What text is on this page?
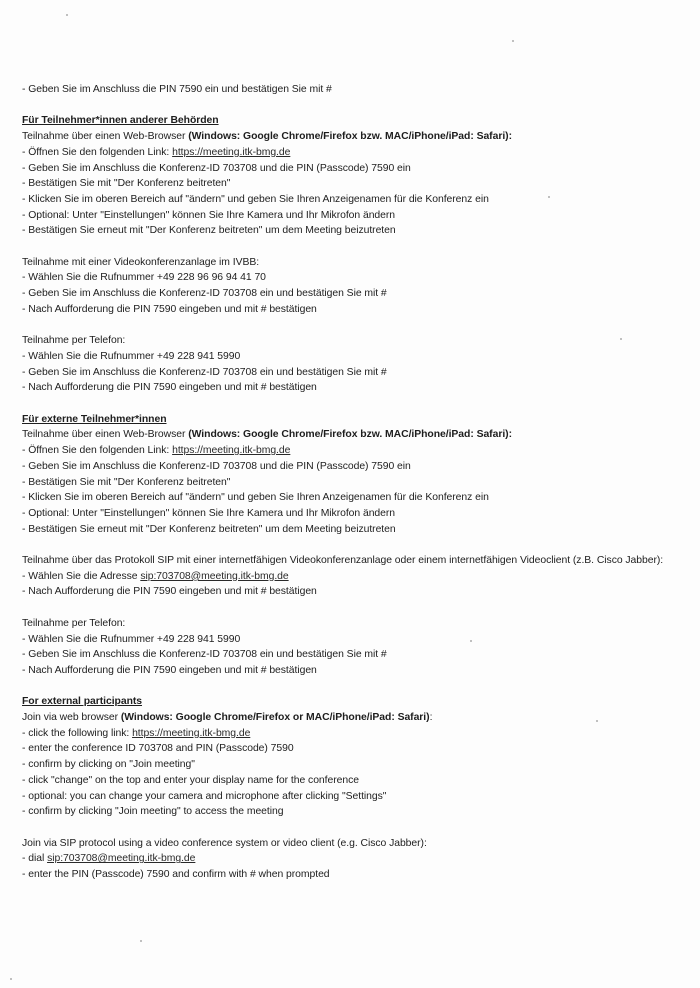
- Geben Sie im Anschluss die PIN 7590 ein und bestätigen Sie mit #
Für Teilnehmer*innen anderer Behörden
Teilnahme über einen Web-Browser (Windows: Google Chrome/Firefox bzw. MAC/iPhone/iPad: Safari):
- Öffnen Sie den folgenden Link: https://meeting.itk-bmg.de
- Geben Sie im Anschluss die Konferenz-ID 703708 und die PIN (Passcode) 7590 ein
- Bestätigen Sie mit "Der Konferenz beitreten"
- Klicken Sie im oberen Bereich auf "ändern" und geben Sie Ihren Anzeigenamen für die Konferenz ein
- Optional: Unter "Einstellungen" können Sie Ihre Kamera und Ihr Mikrofon ändern
- Bestätigen Sie erneut mit "Der Konferenz beitreten" um dem Meeting beizutreten
Teilnahme mit einer Videokonferenzanlage im IVBB:
- Wählen Sie die Rufnummer +49 228 96 96 94 41 70
- Geben Sie im Anschluss die Konferenz-ID 703708 ein und bestätigen Sie mit #
- Nach Aufforderung die PIN 7590 eingeben und mit # bestätigen
Teilnahme per Telefon:
- Wählen Sie die Rufnummer +49 228 941 5990
- Geben Sie im Anschluss die Konferenz-ID 703708 ein und bestätigen Sie mit #
- Nach Aufforderung die PIN 7590 eingeben und mit # bestätigen
Für externe Teilnehmer*innen
Teilnahme über einen Web-Browser (Windows: Google Chrome/Firefox bzw. MAC/iPhone/iPad: Safari):
- Öffnen Sie den folgenden Link: https://meeting.itk-bmg.de
- Geben Sie im Anschluss die Konferenz-ID 703708 und die PIN (Passcode) 7590 ein
- Bestätigen Sie mit "Der Konferenz beitreten"
- Klicken Sie im oberen Bereich auf "ändern" und geben Sie Ihren Anzeigenamen für die Konferenz ein
- Optional: Unter "Einstellungen" können Sie Ihre Kamera und Ihr Mikrofon ändern
- Bestätigen Sie erneut mit "Der Konferenz beitreten" um dem Meeting beizutreten
Teilnahme über das Protokoll SIP mit einer internetfähigen Videokonferenzanlage oder einem internetfähigen Videoclient (z.B. Cisco Jabber):
- Wählen Sie die Adresse sip:703708@meeting.itk-bmg.de
- Nach Aufforderung die PIN 7590 eingeben und mit # bestätigen
Teilnahme per Telefon:
- Wählen Sie die Rufnummer +49 228 941 5990
- Geben Sie im Anschluss die Konferenz-ID 703708 ein und bestätigen Sie mit #
- Nach Aufforderung die PIN 7590 eingeben und mit # bestätigen
For external participants
Join via web browser (Windows: Google Chrome/Firefox or MAC/iPhone/iPad: Safari):
- click the following link: https://meeting.itk-bmg.de
- enter the conference ID 703708 and PIN (Passcode) 7590
- confirm by clicking on "Join meeting"
- click "change" on the top and enter your display name for the conference
- optional: you can change your camera and microphone after clicking "Settings"
- confirm by clicking "Join meeting" to access the meeting
Join via SIP protocol using a video conference system or video client (e.g. Cisco Jabber):
- dial sip:703708@meeting.itk-bmg.de
- enter the PIN (Passcode) 7590 and confirm with # when prompted
